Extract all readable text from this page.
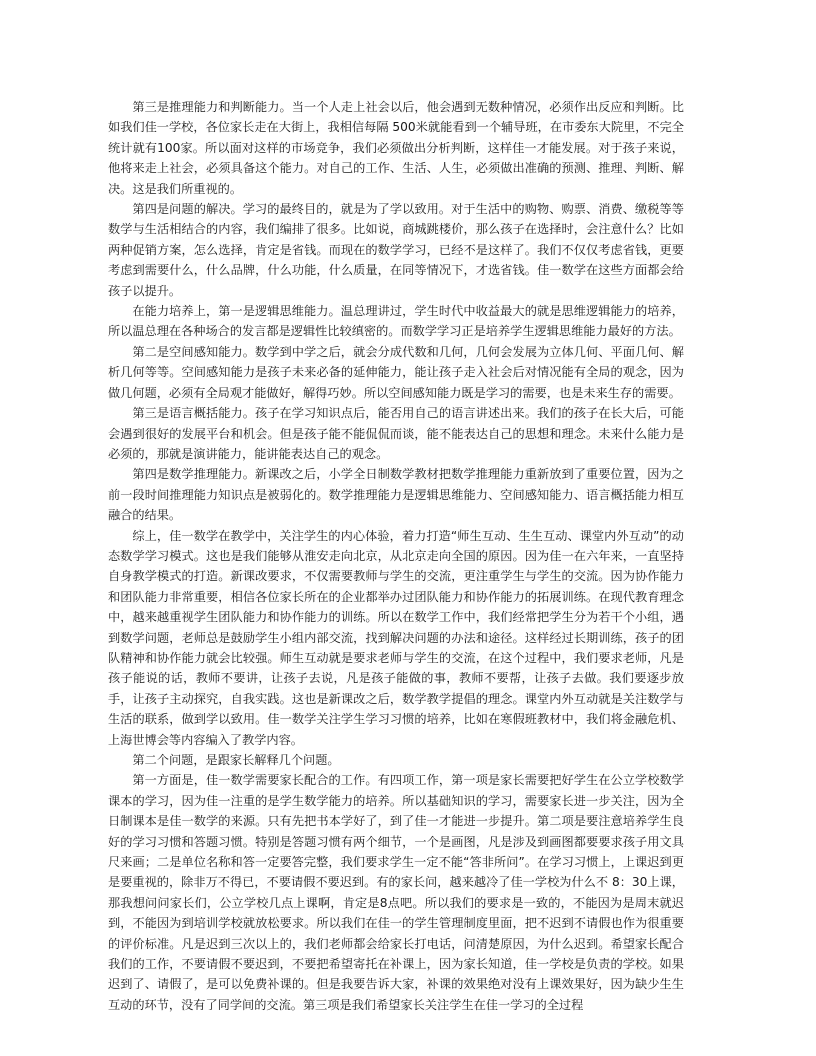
第三是推理能力和判断能力。当一个人走上社会以后，他会遇到无数种情况，必须作出反应和判断。比如我们佳一学校，各位家长走在大街上，我相信每隔 500米就能看到一个辅导班，在市委东大院里，不完全统计就有100家。所以面对这样的市场竞争，我们必须做出分析判断，这样佳一才能发展。对于孩子来说，他将来走上社会，必须具备这个能力。对自己的工作、生活、人生，必须做出准确的预测、推理、判断、解决。这是我们所重视的。

第四是问题的解决。学习的最终目的，就是为了学以致用。对于生活中的购物、购票、消费、缴税等等数学与生活相结合的内容，我们编排了很多。比如说，商城跳楼价，那么孩子在选择时，会注意什么？比如两种促销方案，怎么选择，肯定是省钱。而现在的数学学习，已经不是这样了。我们不仅仅考虑省钱，更要考虑到需要什么，什么品牌，什么功能，什么质量，在同等情况下，才选省钱。佳一数学在这些方面都会给孩子以提升。

在能力培养上，第一是逻辑思维能力。温总理讲过，学生时代中收益最大的就是思维逻辑能力的培养，所以温总理在各种场合的发言都是逻辑性比较缜密的。而数学学习正是培养学生逻辑思维能力最好的方法。

第二是空间感知能力。数学到中学之后，就会分成代数和几何，几何会发展为立体几何、平面几何、解析几何等等。空间感知能力是孩子未来必备的延伸能力，能让孩子走入社会后对情况能有全局的观念，因为做几何题，必须有全局观才能做好，解得巧妙。所以空间感知能力既是学习的需要，也是未来生存的需要。

第三是语言概括能力。孩子在学习知识点后，能否用自己的语言讲述出来。我们的孩子在长大后，可能会遇到很好的发展平台和机会。但是孩子能不能侃侃而谈，能不能表达自己的思想和理念。未来什么能力是必须的，那就是演讲能力，能讲能表达自己的观念。

第四是数学推理能力。新课改之后，小学全日制数学教材把数学推理能力重新放到了重要位置，因为之前一段时间推理能力知识点是被弱化的。数学推理能力是逻辑思维能力、空间感知能力、语言概括能力相互融合的结果。

综上，佳一数学在教学中，关注学生的内心体验，着力打造“师生互动、生生互动、课堂内外互动”的动态数学学习模式。这也是我们能够从淮安走向北京，从北京走向全国的原因。因为佳一在六年来，一直坚持自身教学模式的打造。新课改要求，不仅需要教师与学生的交流，更注重学生与学生的交流。因为协作能力和团队能力非常重要，相信各位家长所在的企业都举办过团队能力和协作能力的拓展训练。在现代教育理念中，越来越重视学生团队能力和协作能力的训练。所以在数学工作中，我们经常把学生分为若干个小组，遇到数学问题，老师总是鼓励学生小组内部交流，找到解决问题的办法和途径。这样经过长期训练，孩子的团队精神和协作能力就会比较强。师生互动就是要求老师与学生的交流，在这个过程中，我们要求老师，凡是孩子能说的话，教师不要讲，让孩子去说，凡是孩子能做的事，教师不要帮，让孩子去做。我们要逐步放手，让孩子主动探究，自我实践。这也是新课改之后，数学教学提倡的理念。课堂内外互动就是关注数学与生活的联系，做到学以致用。佳一数学关注学生学习习惯的培养，比如在寒假班教材中，我们将金融危机、上海世博会等内容编入了教学内容。

第二个问题，是跟家长解释几个问题。

第一方面是，佳一数学需要家长配合的工作。有四项工作，第一项是家长需要把好学生在公立学校数学课本的学习，因为佳一注重的是学生数学能力的培养。所以基础知识的学习，需要家长进一步关注，因为全日制课本是佳一数学的来源。只有先把书本学好了，到了佳一才能进一步提升。第二项是要注意培养学生良好的学习习惯和答题习惯。特别是答题习惯有两个细节，一个是画图，凡是涉及到画图都要要求孩子用文具尺来画；二是单位名称和答一定要答完整，我们要求学生一定不能“答非所问”。在学习习惯上，上课迟到更是要重视的，除非万不得已，不要请假不要迟到。有的家长问，越来越冷了佳一学校为什么不 8：30上课，那我想问问家长们，公立学校几点上课啊，肯定是8点吧。所以我们的要求是一致的，不能因为是周末就迟到，不能因为到培训学校就放松要求。所以我们在佳一的学生管理制度里面，把不迟到不请假也作为很重要的评价标准。凡是迟到三次以上的，我们老师都会给家长打电话，问清楚原因，为什么迟到。希望家长配合我们的工作，不要请假不要迟到，不要把希望寄托在补课上，因为家长知道，佳一学校是负责的学校。如果迟到了、请假了，是可以免费补课的。但是我要告诉大家，补课的效果绝对没有上课效果好，因为缺少生生互动的环节，没有了同学间的交流。第三项是我们希望家长关注学生在佳一学习的全过程
